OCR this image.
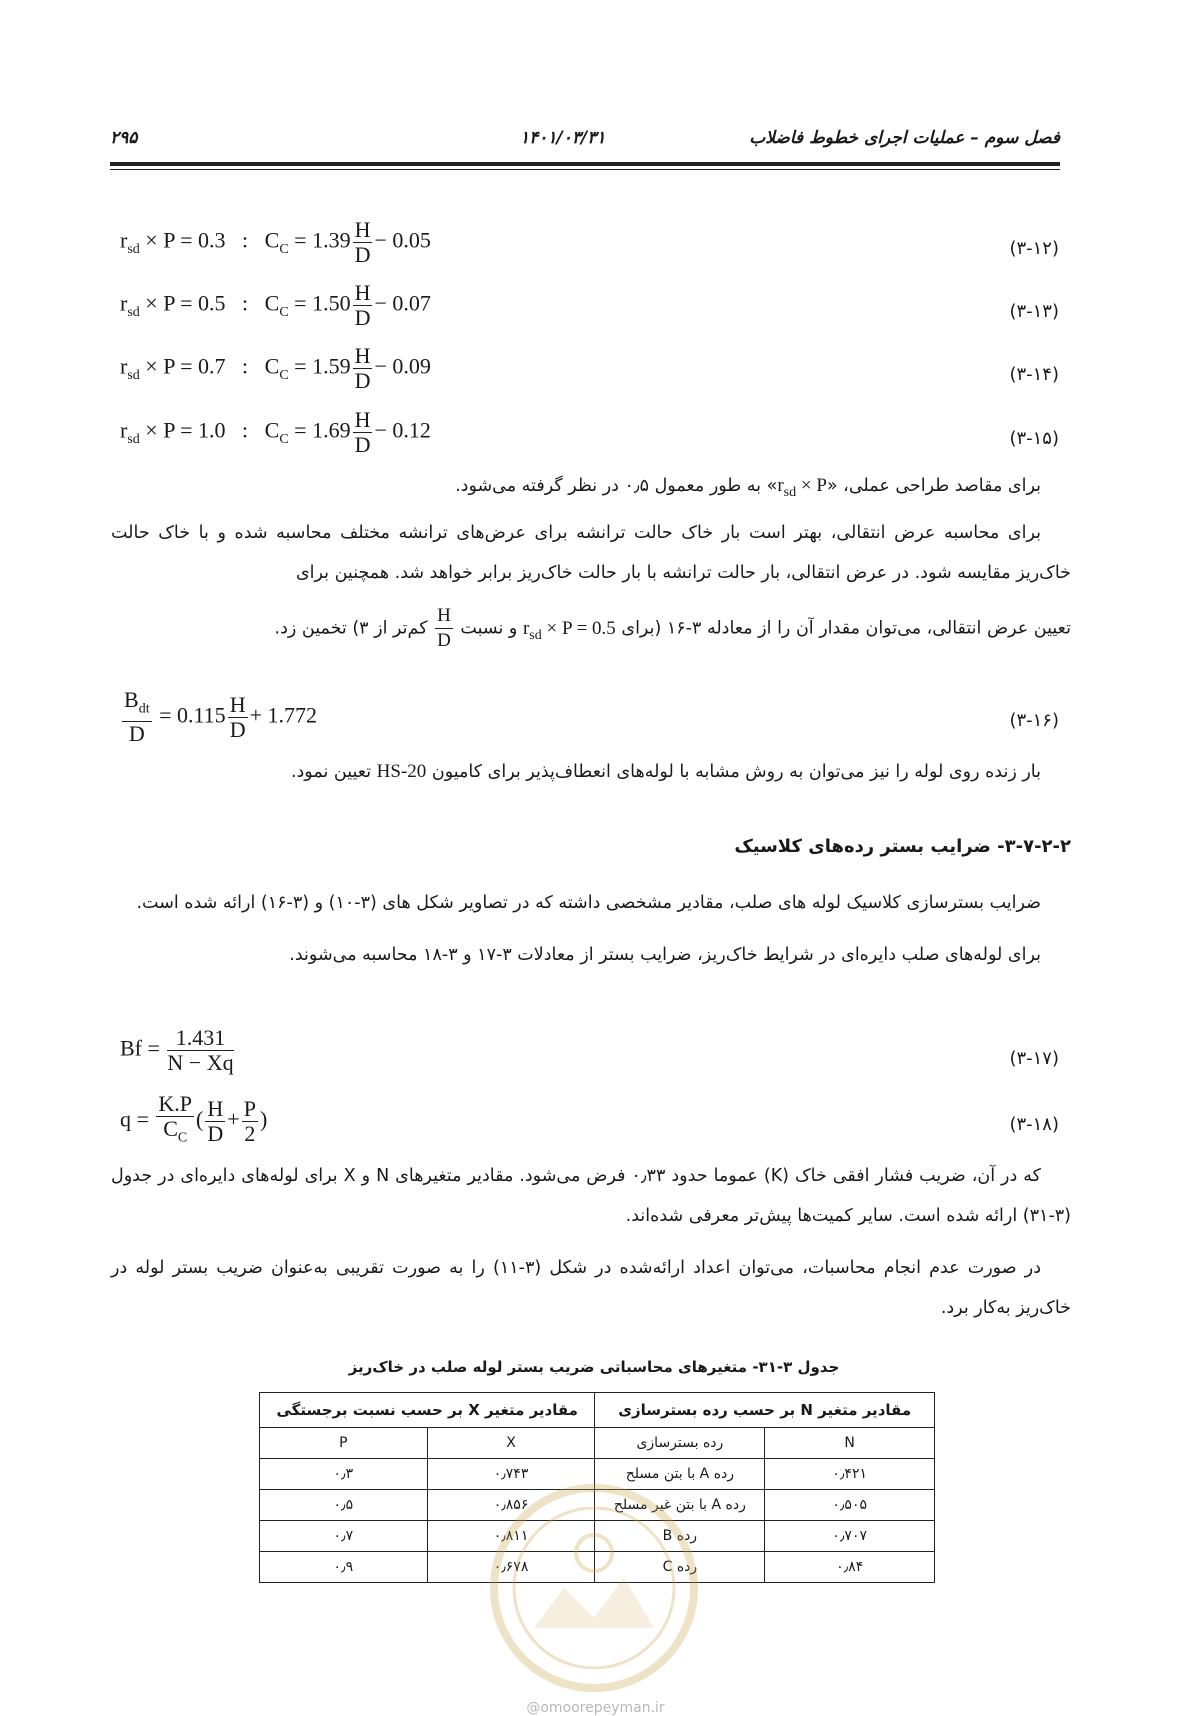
فصل سوم – عملیات اجرای خطوط فاضلاب
۱۴۰۱/۰۳/۳۱
۲۹۵
$r_{sd} \times P = 0.3$   :   $C_C = 1.39 \frac{H}{D} - 0.05$	(۳-۱۲)
$r_{sd} \times P = 0.5$   :   $C_C = 1.50 \frac{H}{D} - 0.07$	(۳-۱۳)
$r_{sd} \times P = 0.7$   :   $C_C = 1.59 \frac{H}{D} - 0.09$	(۳-۱۴)
$r_{sd} \times P = 1.0$   :   $C_C = 1.69 \frac{H}{D} - 0.12$	(۳-۱۵)

برای مقاصد طراحی عملی، «$r_{sd} \times P$» به طور معمول ۰٫۵ در نظر گرفته می‌شود.

برای محاسبه عرض انتقالی، بهتر است بار خاک حالت ترانشه برای عرض‌های ترانشه مختلف محاسبه شده و با خاک حالت خاک‌ریز مقایسه شود. در عرض انتقالی، بار حالت ترانشه با بار حالت خاک‌ریز برابر خواهد شد. همچنین برای

تعیین عرض انتقالی، می‌توان مقدار آن را از معادله ۳-۱۶ (برای $r_{sd} \times P = 0.5$ و نسبت
$\frac{H}{D}$
کم‌تر از ۳) تخمین زد.

$\frac{B_{dt}}{D} = 0.115 \frac{H}{D} + 1.772$	(۳-۱۶)

بار زنده روی لوله را نیز می‌توان به روش مشابه با لوله‌های انعطاف‌پذیر برای کامیون HS-20 تعیین نمود.

۳-۷-۲-۲- ضرایب بستر رده‌های کلاسیک

ضرایب بسترسازی کلاسیک لوله های صلب، مقادیر مشخصی داشته که در تصاویر شکل های (۳-۱۰) و (۳-۱۶) ارائه شده است.

برای لوله‌های صلب دایره‌ای در شرایط خاک‌ریز، ضرایب بستر از معادلات ۳-۱۷ و ۳-۱۸ محاسبه می‌شوند.

$Bf = \frac{1.431}{N - Xq}$	(۳-۱۷)
$q = \frac{K.P}{C_C}$ ( $\frac{H}{D} + \frac{P}{2}$ )	(۳-۱۸)

که در آن، ضریب فشار افقی خاک (K) عموما حدود ۰٫۳۳ فرض می‌شود. مقادیر متغیرهای N و X برای لوله‌های دایره‌ای در جدول (۳-۳۱) ارائه شده است. سایر کمیت‌ها پیش‌تر معرفی شده‌اند.

در صورت عدم انجام محاسبات، می‌توان اعداد ارائه‌شده در شکل (۳-۱۱) را به صورت تقریبی به‌عنوان ضریب بستر لوله در خاک‌ریز به‌کار برد.

جدول ۳-۳۱- متغیرهای محاسباتی ضریب بستر لوله صلب در خاک‌ریز
مقادیر متغیر N بر حسب رده بسترسازی		مقادیر متغیر X بر حسب نسبت برجستگی	
N	رده بسترسازی	X	P
۰٫۴۲۱	رده A با بتن مسلح	۰٫۷۴۳	۰٫۳
۰٫۵۰۵	رده A با بتن غیر مسلح	۰٫۸۵۶	۰٫۵
۰٫۷۰۷	رده B	۰٫۸۱۱	۰٫۷
۰٫۸۴	رده C	۰٫۶۷۸	۰٫۹
@omoorepeyman.ir
